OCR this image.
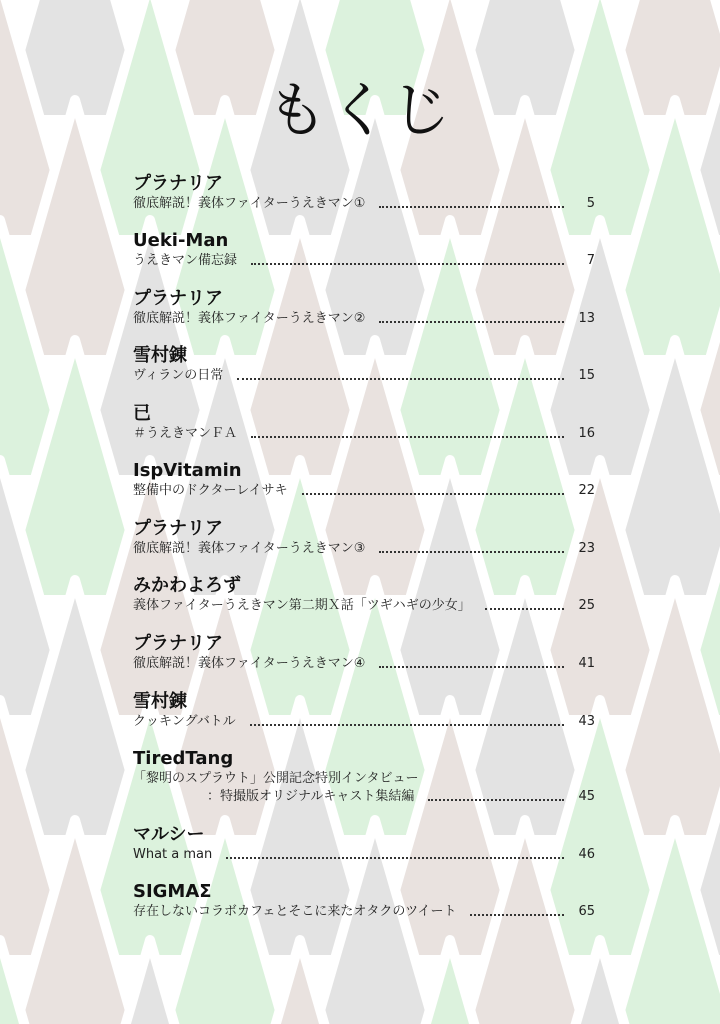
もくじ
プラナリア
徹底解説！義体ファイターうえきマン①	5
Ueki-Man
うえきマン備忘録	7
プラナリア
徹底解説！義体ファイターうえきマン②	13
雪村錬
ヴィランの日常	15
已
＃うえきマンＦＡ	16
IspVitamin
整備中のドクターレイサキ	22
プラナリア
徹底解説！義体ファイターうえきマン③	23
みかわよろず
義体ファイターうえきマン第二期Ｘ話「ツギハギの少女」	25
プラナリア
徹底解説！義体ファイターうえきマン④	41
雪村錬
クッキングバトル	43
TiredTang
「黎明のスプラウト」公開記念特別インタビュー
：特撮版オリジナルキャスト集結編	45
マルシー
What a man	46
SIGMAΣ
存在しないコラボカフェとそこに来たオタクのツイート	65
